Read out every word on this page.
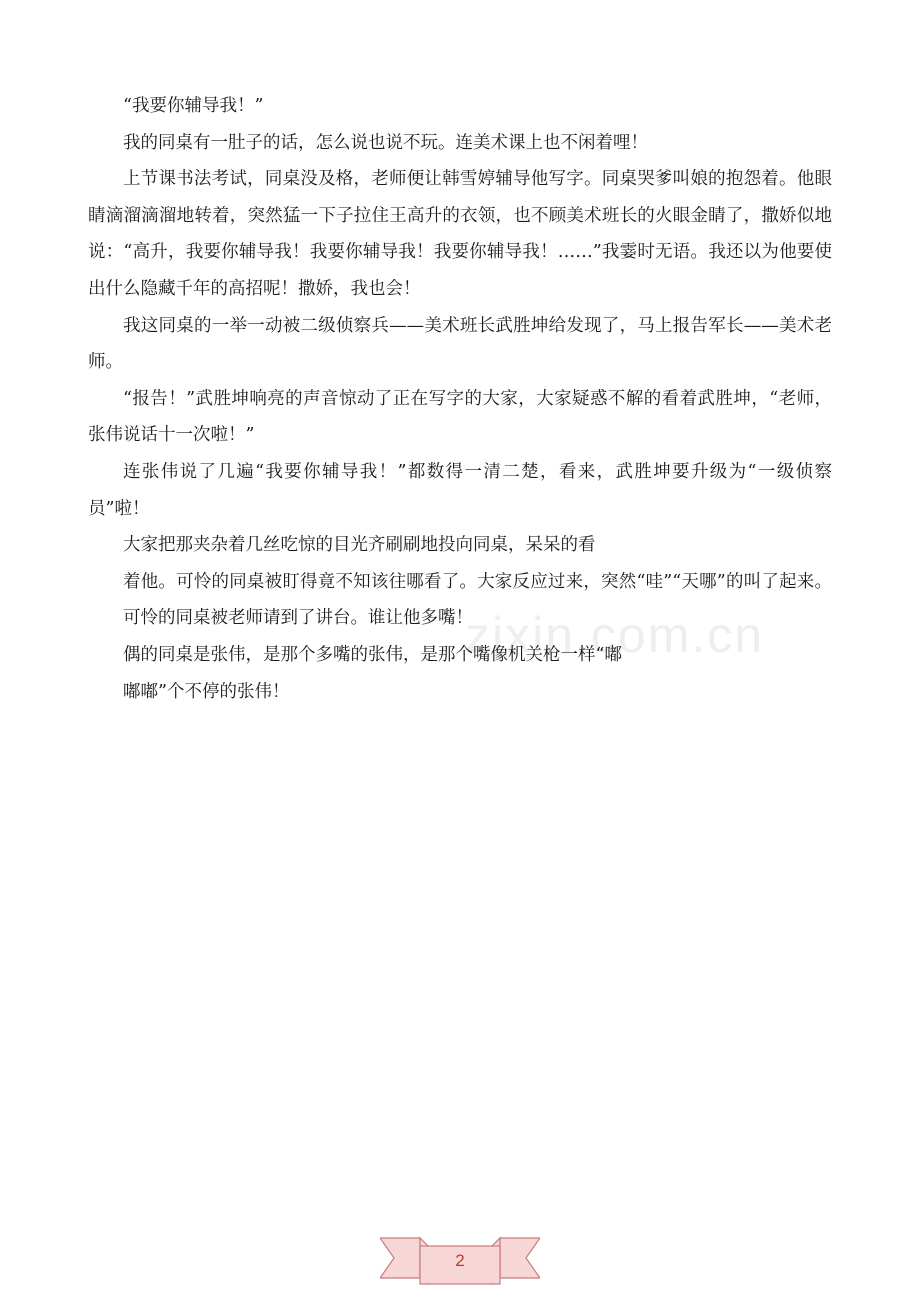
zixin.com.cn

“我要你辅导我！”

我的同桌有一肚子的话，怎么说也说不玩。连美术课上也不闲着哩！

上节课书法考试，同桌没及格，老师便让韩雪婷辅导他写字。同桌哭爹叫娘的抱怨着。他眼睛滴溜滴溜地转着，突然猛一下子拉住王高升的衣领，也不顾美术班长的火眼金睛了，撒娇似地说：“高升，我要你辅导我！我要你辅导我！我要你辅导我！……”我霎时无语。我还以为他要使出什么隐藏千年的高招呢！撒娇，我也会！

我这同桌的一举一动被二级侦察兵——美术班长武胜坤给发现了，马上报告军长——美术老师。

“报告！”武胜坤响亮的声音惊动了正在写字的大家，大家疑惑不解的看着武胜坤，“老师，张伟说话十一次啦！”

连张伟说了几遍“我要你辅导我！”都数得一清二楚，看来，武胜坤要升级为“一级侦察员”啦！

大家把那夹杂着几丝吃惊的目光齐刷刷地投向同桌，呆呆的看

着他。可怜的同桌被盯得竟不知该往哪看了。大家反应过来，突然“哇”“天哪”的叫了起来。可怜的同桌被老师请到了讲台。谁让他多嘴！

偶的同桌是张伟，是那个多嘴的张伟，是那个嘴像机关枪一样“嘟

嘟嘟”个不停的张伟！

2
